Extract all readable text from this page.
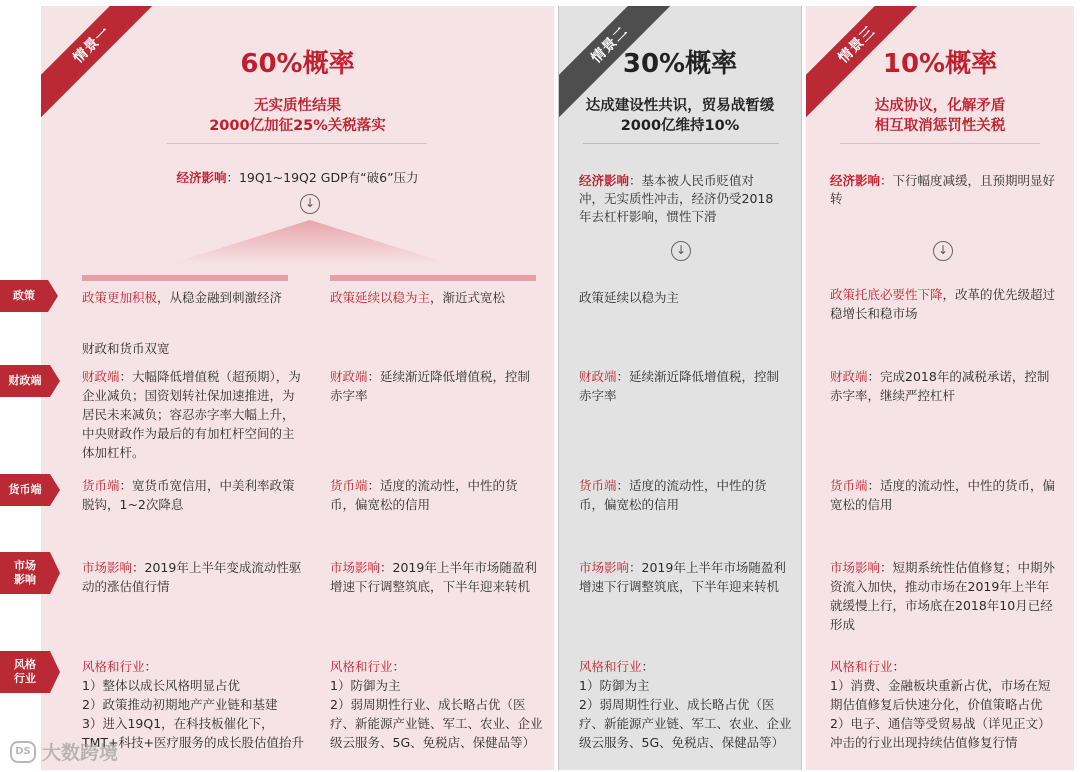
情景一	60%概率
无实质性结果
2000亿加征25%关税落实
经济影响：19Q1~19Q2 GDP有“破6”压力
↓
政策更加积极，从稳金融到刺激经济
财政和货币双宽
财政端：大幅降低增值税（超预期），为企业减负；国资划转社保加速推进，为居民未来减负；容忍赤字率大幅上升，中央财政作为最后的有加杠杆空间的主体加杠杆。
货币端：宽货币宽信用，中美利率政策脱钩，1~2次降息
市场影响：2019年上半年变成流动性驱动的涨估值行情
风格和行业：
1）整体以成长风格明显占优
2）政策推动初期地产产业链和基建
3）进入19Q1，在科技板催化下，TMT+科技+医疗服务的成长股估值抬升
政策延续以稳为主，渐近式宽松
财政端：延续渐近降低增值税，控制赤字率
货币端：适度的流动性，中性的货币，偏宽松的信用
市场影响：2019年上半年市场随盈利增速下行调整筑底，下半年迎来转机
风格和行业：
1）防御为主
2）弱周期性行业、成长略占优（医疗、新能源产业链、军工、农业、企业级云服务、5G、免税店、保健品等）
情景二
30%概率
达成建设性共识，贸易战暂缓
2000亿维持10%
经济影响：基本被人民币贬值对冲，无实质性冲击，经济仍受2018年去杠杆影响，惯性下滑
↓
政策延续以稳为主
财政端：延续渐近降低增值税，控制赤字率
货币端：适度的流动性，中性的货币，偏宽松的信用
市场影响：2019年上半年市场随盈利增速下行调整筑底，下半年迎来转机
风格和行业：
1）防御为主
2）弱周期性行业、成长略占优（医疗、新能源产业链、军工、农业、企业级云服务、5G、免税店、保健品等）
情景三 10%概率
达成协议，化解矛盾
相互取消惩罚性关税
经济影响：下行幅度减缓，且预期明显好转
↓
政策托底必要性下降，改革的优先级超过稳增长和稳市场
财政端：完成2018年的减税承诺，控制赤字率，继续严控杠杆
货币端：适度的流动性，中性的货币，偏宽松的信用
市场影响：短期系统性估值修复；中期外资流入加快，推动市场在2019年上半年就缓慢上行，市场底在2018年10月已经形成
风格和行业：
1）消费、金融板块重新占优，市场在短期估值修复后快速分化，价值策略占优
2）电子、通信等受贸易战（详见正文）冲击的行业出现持续估值修复行情
政策
财政端
货币端
市场
影响
风格
行业
DS 大数跨境
